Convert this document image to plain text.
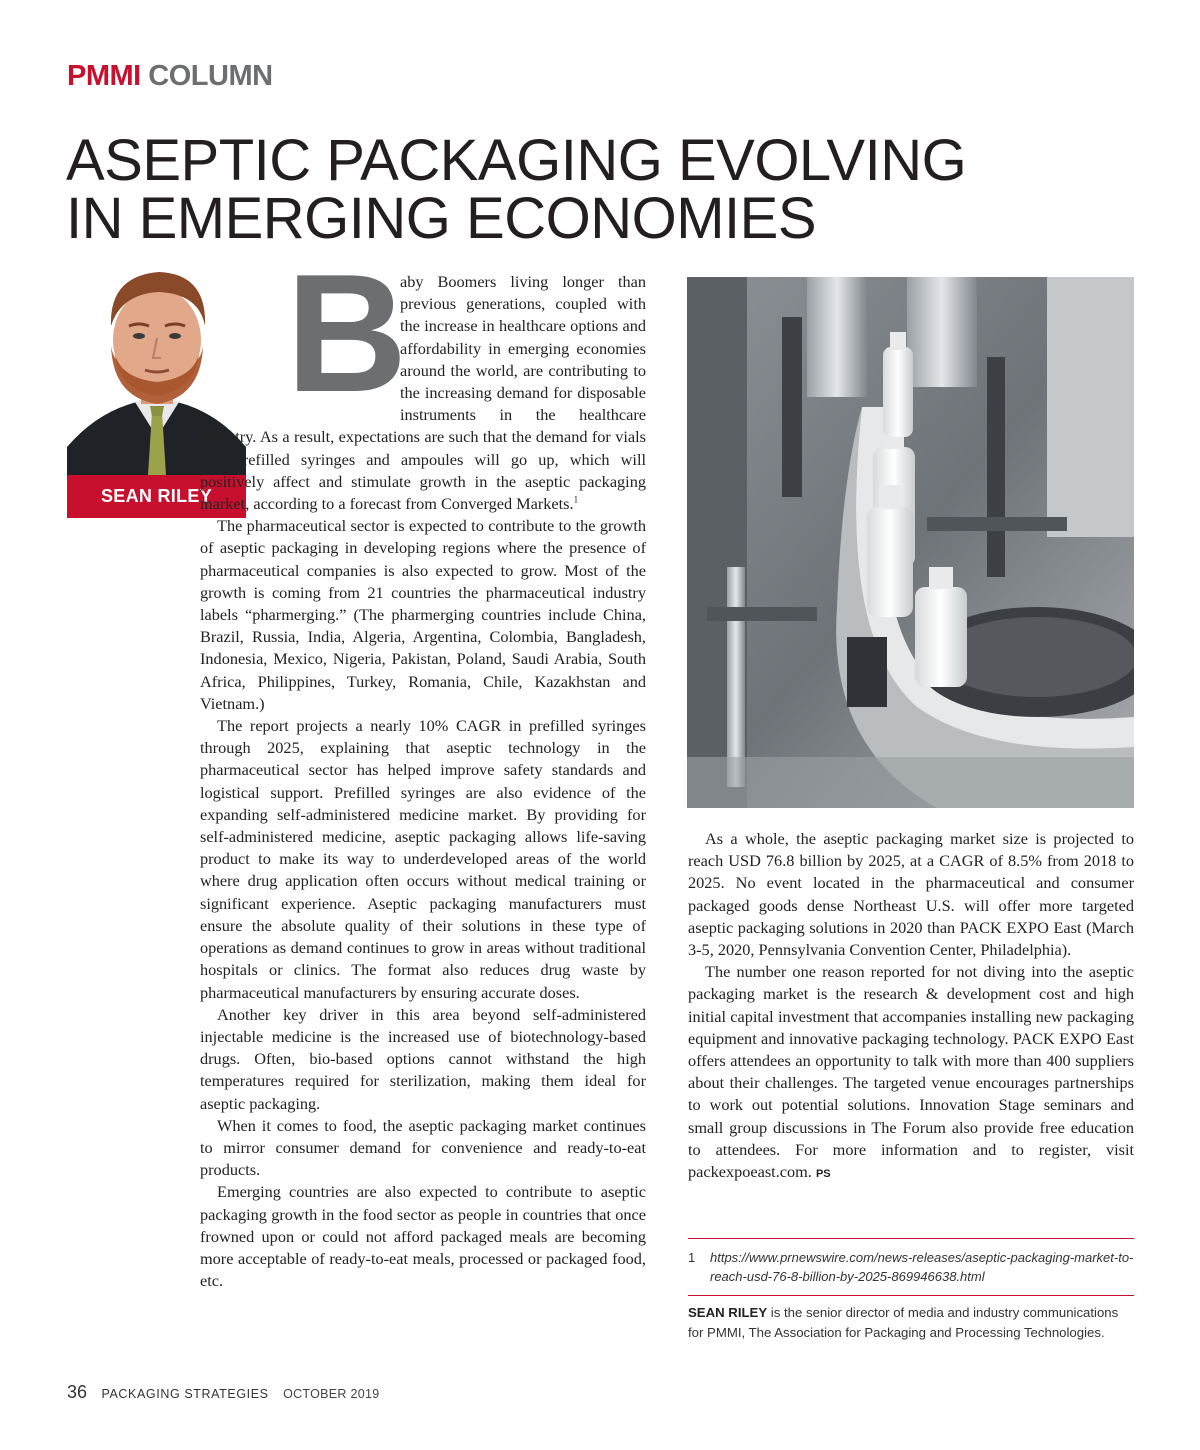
PMMI COLUMN
ASEPTIC PACKAGING EVOLVING
IN EMERGING ECONOMIES
SEAN RILEY

B
aby Boomers living longer than previous generations, coupled with the increase in healthcare options and affordability in emerging economies around the world, are contributing to the increasing demand for disposable instruments in the healthcare industry. As a result, expectations are such that the demand for vials and prefilled syringes and ampoules will go up, which will positively affect and stimulate growth in the aseptic packaging market, according to a forecast from Converged Markets.$^1$

The pharmaceutical sector is expected to contribute to the growth of aseptic packaging in developing regions where the presence of pharmaceutical companies is also expected to grow. Most of the growth is coming from 21 countries the pharmaceutical industry labels “pharmerging.” (The pharmerging countries include China, Brazil, Russia, India, Algeria, Argentina, Colombia, Bangladesh, Indonesia, Mexico, Nigeria, Pakistan, Poland, Saudi Arabia, South Africa, Philippines, Turkey, Romania, Chile, Kazakhstan and Vietnam.)

The report projects a nearly 10% CAGR in prefilled syringes through 2025, explaining that aseptic technology in the pharmaceutical sector has helped improve safety standards and logistical support. Prefilled syringes are also evidence of the expanding self-administered medicine market. By providing for self-administered medicine, aseptic packaging allows life-saving product to make its way to underdeveloped areas of the world where drug application often occurs without medical training or significant experience. Aseptic packaging manufacturers must ensure the absolute quality of their solutions in these type of operations as demand continues to grow in areas without traditional hospitals or clinics. The format also reduces drug waste by pharmaceutical manufacturers by ensuring accurate doses.

Another key driver in this area beyond self-administered injectable medicine is the increased use of biotechnology-based drugs. Often, bio-based options cannot withstand the high temperatures required for sterilization, making them ideal for aseptic packaging.

When it comes to food, the aseptic packaging market continues to mirror consumer demand for convenience and ready-to-eat products.

Emerging countries are also expected to contribute to aseptic packaging growth in the food sector as people in countries that once frowned upon or could not afford packaged meals are becoming more acceptable of ready-to-eat meals, processed or packaged food, etc.

As a whole, the aseptic packaging market size is projected to reach USD 76.8 billion by 2025, at a CAGR of 8.5% from 2018 to 2025. No event located in the pharmaceutical and consumer packaged goods dense Northeast U.S. will offer more targeted aseptic packaging solutions in 2020 than PACK EXPO East (March 3-5, 2020, Pennsylvania Convention Center, Philadelphia).

The number one reason reported for not diving into the aseptic packaging market is the research & development cost and high initial capital investment that accompanies installing new packaging equipment and innovative packaging technology. PACK EXPO East offers attendees an opportunity to talk with more than 400 suppliers about their challenges. The targeted venue encourages partnerships to work out potential solutions. Innovation Stage seminars and small group discussions in The Forum also provide free education to attendees. For more information and to register, visit packexpoeast.com. PS

1 https://www.prnewswire.com/news-releases/aseptic-packaging-market-to-reach-usd-76-8-billion-by-2025-869946638.html
SEAN RILEY is the senior director of media and industry communications for PMMI, The Association for Packaging and Processing Technologies.
36 PACKAGING STRATEGIES OCTOBER 2019
